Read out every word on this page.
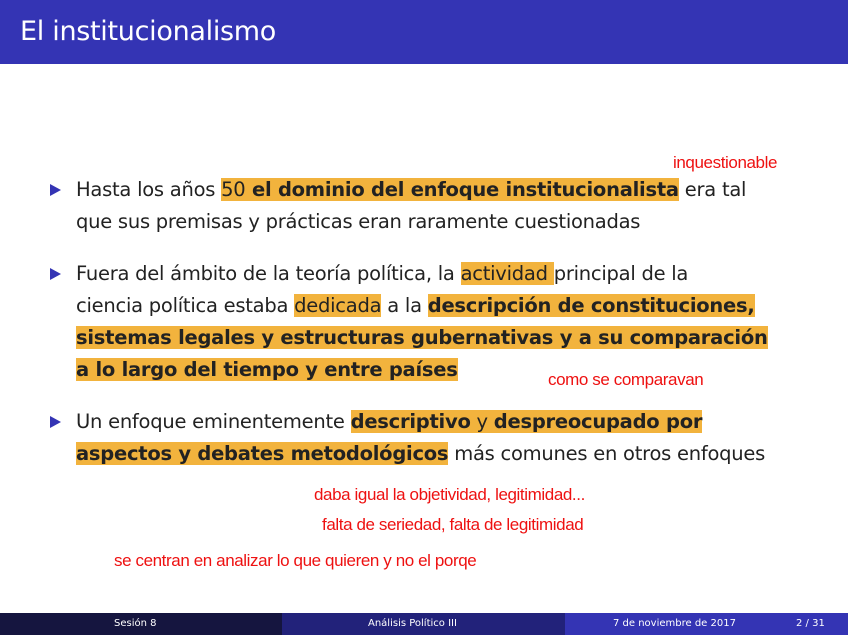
El institucionalismo
Hasta los años 50 el dominio del enfoque institucionalista era tal
que sus premisas y prácticas eran raramente cuestionadas
Fuera del ámbito de la teoría política, la actividad principal de la
ciencia política estaba dedicada a la descripción de constituciones,
sistemas legales y estructuras gubernativas y a su comparación
a lo largo del tiempo y entre países
Un enfoque eminentemente descriptivo y despreocupado por
aspectos y debates metodológicos más comunes en otros enfoques
inquestionable
como se comparavan
daba igual la objetividad, legitimidad...
falta de seriedad, falta de legitimidad
se centran en analizar lo que quieren y no el porqe
Sesión 8	Análisis Político III	7 de noviembre de 2017	2 / 31
